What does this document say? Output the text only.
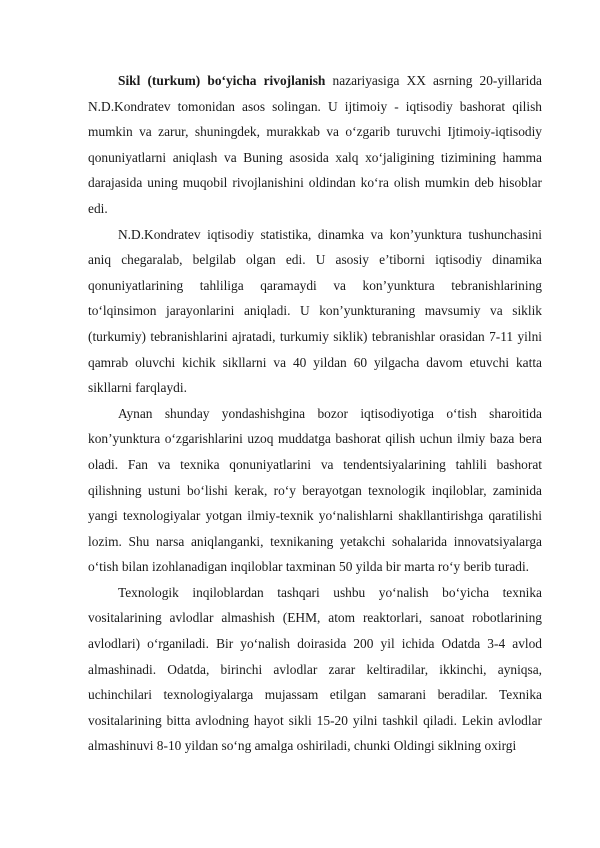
Sikl (turkum) bo‘yicha rivojlanish nazariyasiga XX asrning 20-yillarida N.D.Kondratev tomonidan asos solingan. U ijtimoiy - iqtisodiy bashorat qilish mumkin va zarur, shuningdek, murakkab va o‘zgarib turuvchi Ijtimoiy-iqtisodiy qonuniyatlarni aniqlash va Buning asosida xalq xo‘jaligining tizimining hamma darajasida uning muqobil rivojlanishini oldindan ko‘ra olish mumkin deb hisoblar edi.

N.D.Kondratev iqtisodiy statistika, dinamka va kon’yunktura tushunchasini aniq chegaralab, belgilab olgan edi. U asosiy e’tiborni iqtisodiy dinamika qonuniyatlarining tahliliga qaramaydi va kon’yunktura tebranishlarining to‘lqinsimon jarayonlarini aniqladi. U kon’yunkturaning mavsumiy va siklik (turkumiy) tebranishlarini ajratadi, turkumiy siklik) tebranishlar orasidan 7-11 yilni qamrab oluvchi kichik sikllarni va 40 yildan 60 yilgacha davom etuvchi katta sikllarni farqlaydi.

Aynan shunday yondashishgina bozor iqtisodiyotiga o‘tish sharoitida kon’yunktura o‘zgarishlarini uzoq muddatga bashorat qilish uchun ilmiy baza bera oladi. Fan va texnika qonuniyatlarini va tendentsiyalarining tahlili bashorat qilishning ustuni bo‘lishi kerak, ro‘y berayotgan texnologik inqiloblar, zaminida yangi texnologiyalar yotgan ilmiy-texnik yo‘nalishlarni shakllantirishga qaratilishi lozim. Shu narsa aniqlanganki, texnikaning yetakchi sohalarida innovatsiyalarga o‘tish bilan izohlanadigan inqiloblar taxminan 50 yilda bir marta ro‘y berib turadi.

Texnologik inqiloblardan tashqari ushbu yo‘nalish bo‘yicha texnika vositalarining avlodlar almashish (EHM, atom reaktorlari, sanoat robotlarining avlodlari) o‘rganiladi. Bir yo‘nalish doirasida 200 yil ichida Odatda 3-4 avlod almashinadi. Odatda, birinchi avlodlar zarar keltiradilar, ikkinchi, ayniqsa, uchinchilari texnologiyalarga mujassam etilgan samarani beradilar. Texnika vositalarining bitta avlodning hayot sikli 15-20 yilni tashkil qiladi. Lekin avlodlar almashinuvi 8-10 yildan so‘ng amalga oshiriladi, chunki Oldingi siklning oxirgi
